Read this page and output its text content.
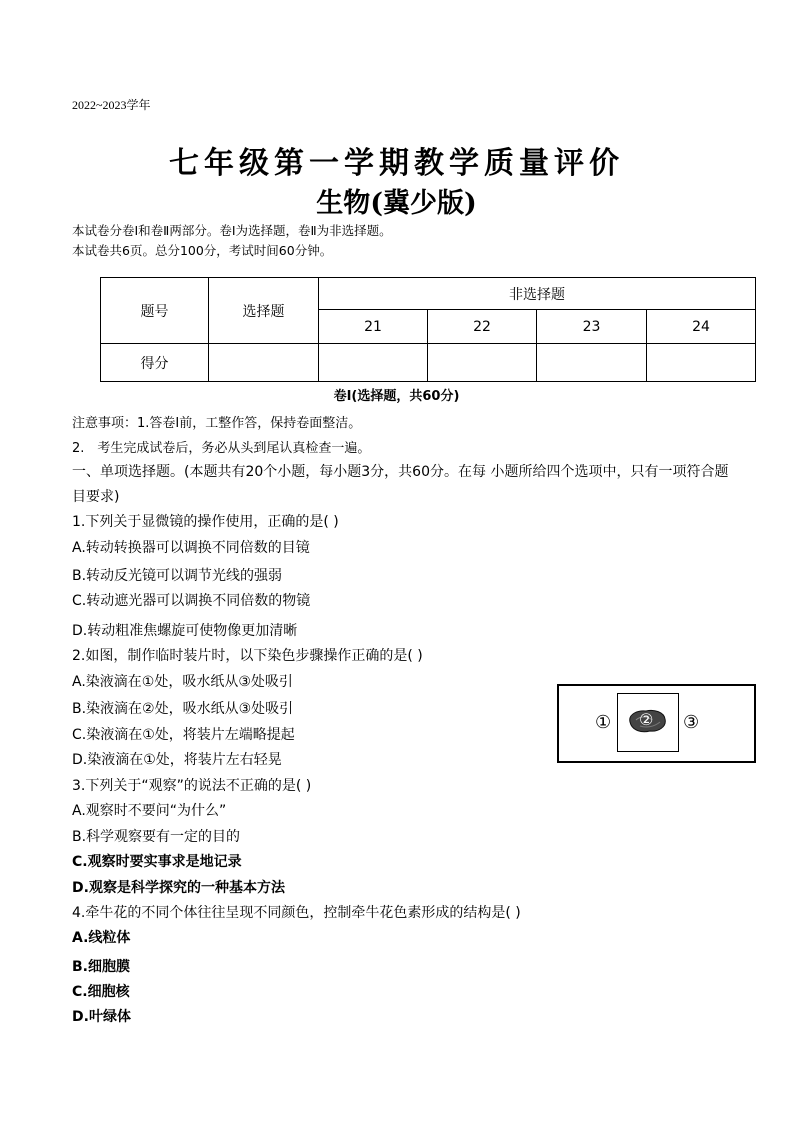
2022~2023学年
七年级第一学期教学质量评价
生物(冀少版)
本试卷分卷Ⅰ和卷Ⅱ两部分。卷Ⅰ为选择题，卷Ⅱ为非选择题。
本试卷共6页。总分100分，考试时间60分钟。
题号	选择题	非选择题			
		21	22	23	24
得分					
卷Ⅰ(选择题，共60分)
注意事项：1.答卷Ⅰ前，工整作答，保持卷面整洁。
2.　考生完成试卷后，务必从头到尾认真检查一遍。
一、单项选择题。(本题共有20个小题，每小题3分，共60分。在每 小题所给四个选项中，只有一项符合题
目要求)
1.下列关于显微镜的操作使用，正确的是( )
A.转动转换器可以调换不同倍数的目镜
B.转动反光镜可以调节光线的强弱
C.转动遮光器可以调换不同倍数的物镜
D.转动粗准焦螺旋可使物像更加清晰
2.如图，制作临时装片时，以下染色步骤操作正确的是( )
A.染液滴在①处，吸水纸从③处吸引
B.染液滴在②处，吸水纸从③处吸引
C.染液滴在①处，将装片左端略提起
D.染液滴在①处，将装片左右轻晃
① ② ③
3.下列关于“观察”的说法不正确的是( )
A.观察时不要问“为什么”
B.科学观察要有一定的目的
C.观察时要实事求是地记录
D.观察是科学探究的一种基本方法
4.牵牛花的不同个体往往呈现不同颜色，控制牵牛花色素形成的结构是( )
A.线粒体
B.细胞膜
C.细胞核
D.叶绿体
